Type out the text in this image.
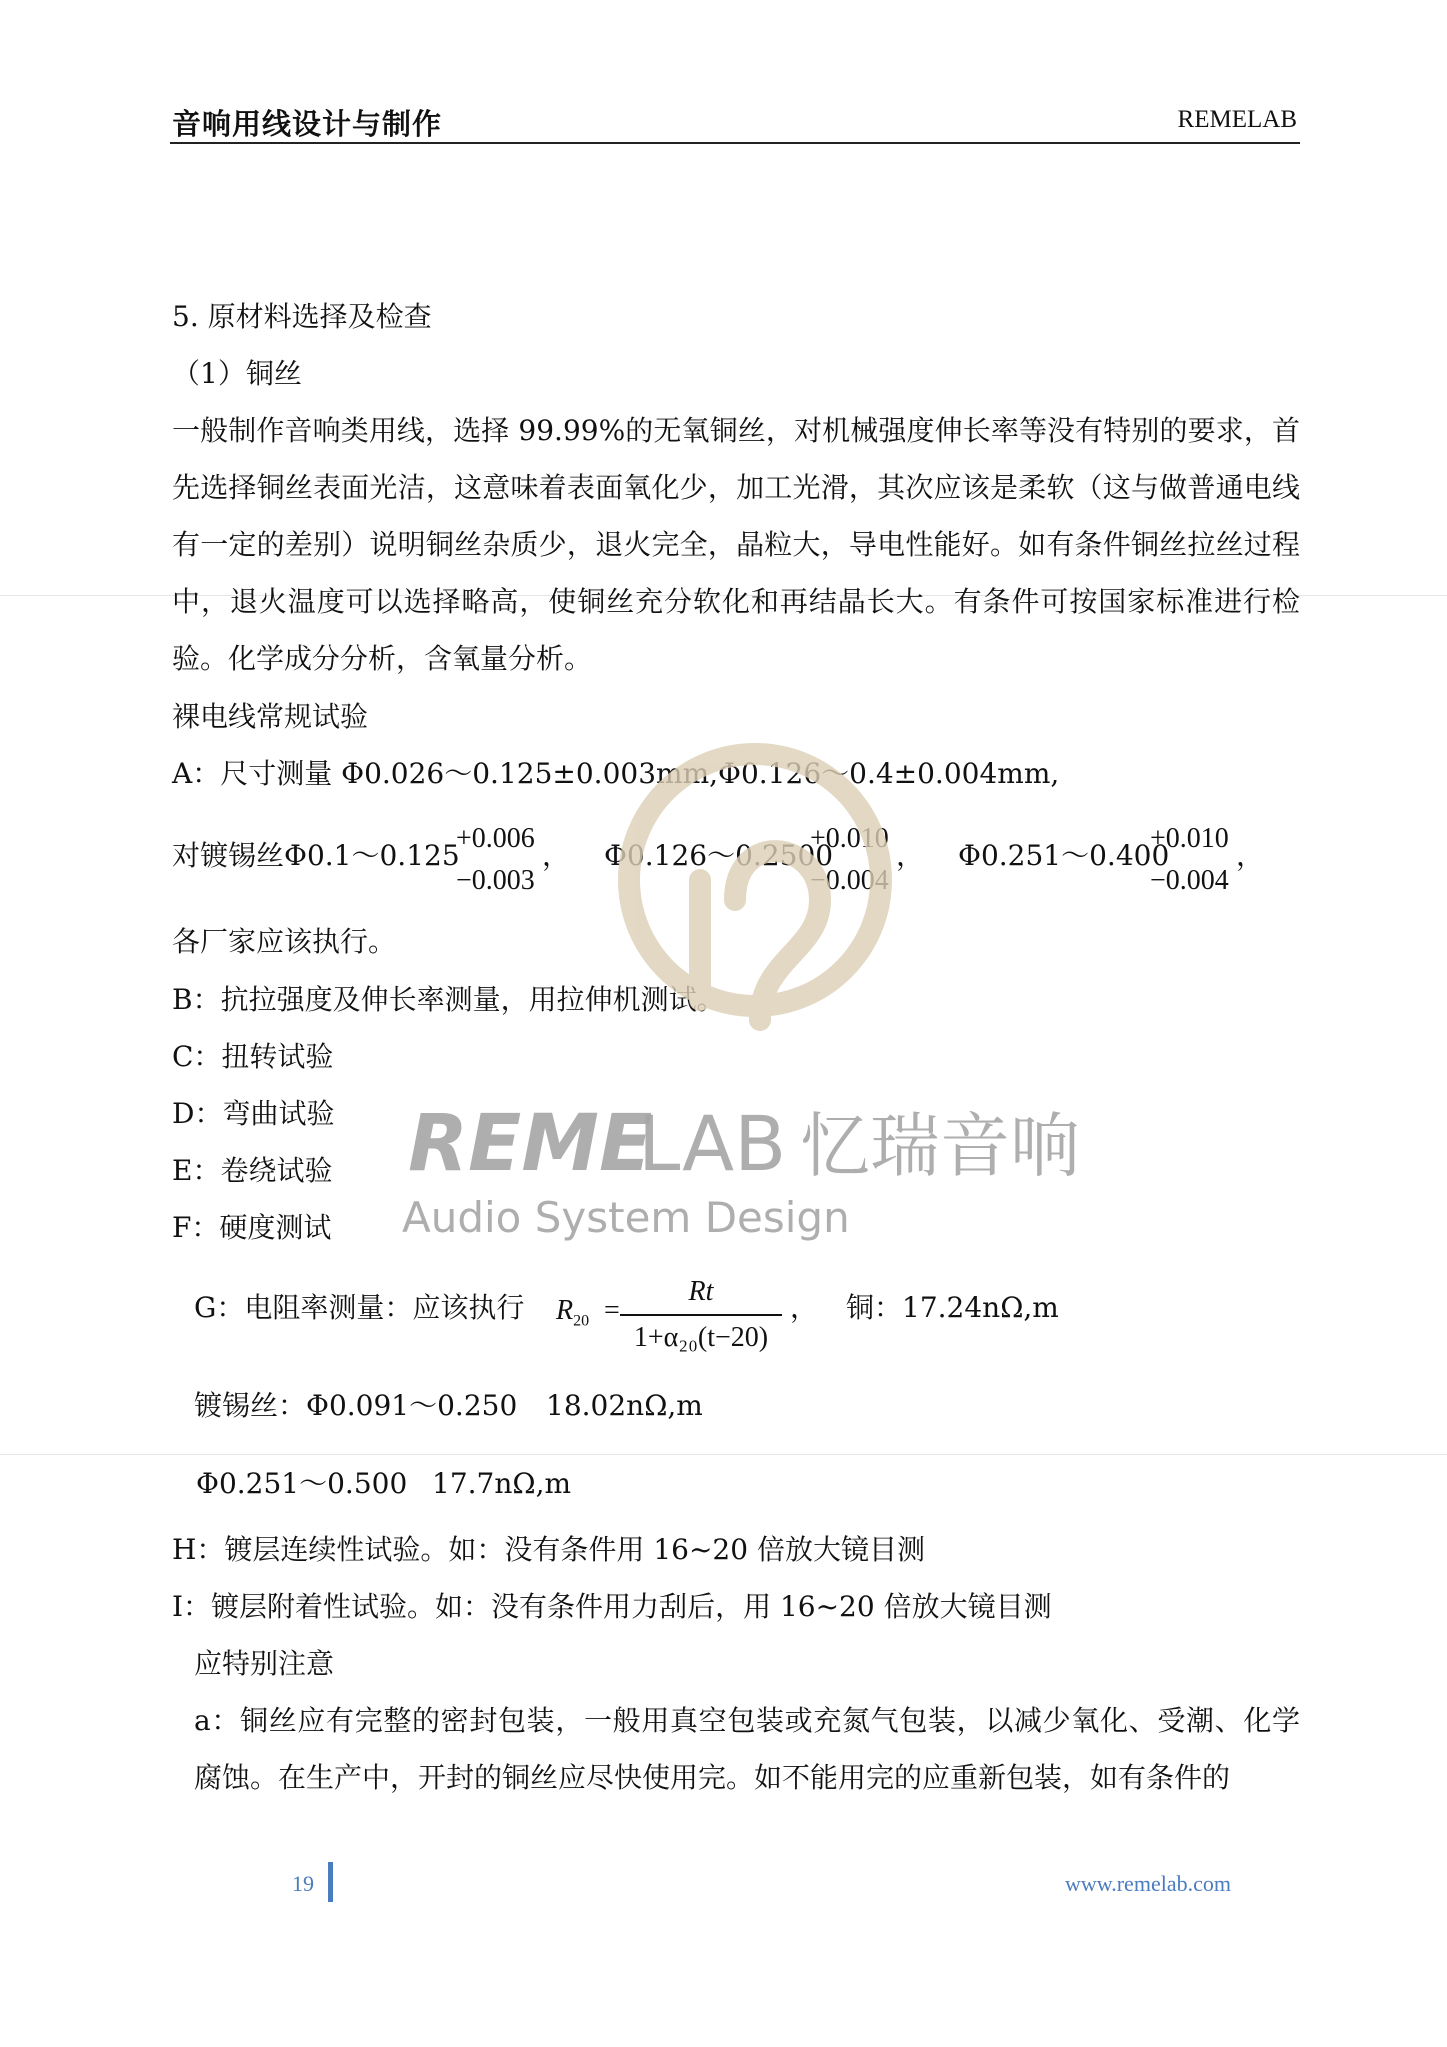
音响用线设计与制作	REMELAB
5. 原材料选择及检查
（1）铜丝
一般制作音响类用线，选择 99.99%的无氧铜丝，对机械强度伸长率等没有特别的要求，首先选择铜丝表面光洁，这意味着表面氧化少，加工光滑，其次应该是柔软（这与做普通电线有一定的差别）说明铜丝杂质少，退火完全，晶粒大，导电性能好。如有条件铜丝拉丝过程中，退火温度可以选择略高，使铜丝充分软化和再结晶长大。有条件可按国家标准进行检验。化学成分分析，含氧量分析。
裸电线常规试验
A：尺寸测量 Φ0.026～0.125±0.003mm,Φ0.126～0.4±0.004mm,
对镀锡丝Φ0.1～0.125
+0.006
−0.003
， Φ0.126～0.2500
+0.010
−0.004
， Φ0.251～0.400
+0.010
−0.004
，
各厂家应该执行。
B：抗拉强度及伸长率测量，用拉伸机测试。
C：扭转试验
D：弯曲试验
E：卷绕试验
F：硬度测试
G：电阻率测量：应该执行 $R_{20}$ =
Rt
1+α₂₀(t−20)
， 铜：17.24nΩ,m
镀锡丝：Φ0.091～0.250 18.02nΩ,m
Φ0.251～0.500 17.7nΩ,m
H：镀层连续性试验。如：没有条件用 16~20 倍放大镜目测
I：镀层附着性试验。如：没有条件用力刮后，用 16~20 倍放大镜目测
应特别注意
a：铜丝应有完整的密封包装，一般用真空包装或充氮气包装，以减少氧化、受潮、化学腐蚀。在生产中，开封的铜丝应尽快使用完。如不能用完的应重新包装，如有条件的
REME
LAB 忆瑞音响
Audio System Design
19	www.remelab.com
